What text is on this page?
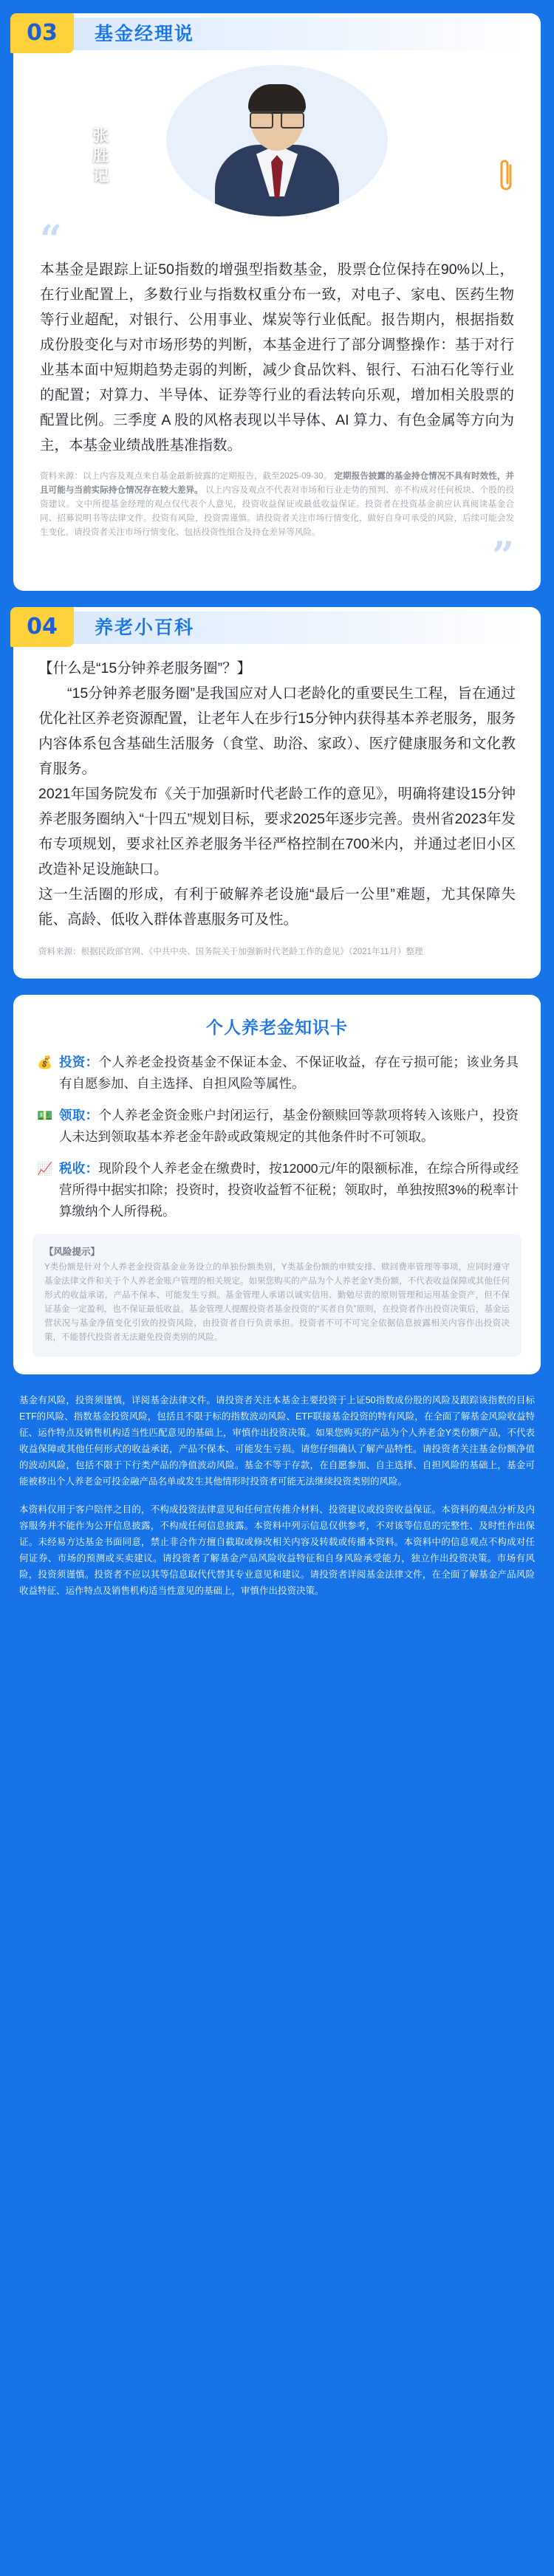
03	基金经理说
张
胜
记
“
本基金是跟踪上证50指数的增强型指数基金，股票仓位保持在90%以上，在行业配置上，多数行业与指数权重分布一致，对电子、家电、医药生物等行业超配，对银行、公用事业、煤炭等行业低配。报告期内，根据指数成份股变化与对市场形势的判断，本基金进行了部分调整操作：基于对行业基本面中短期趋势走弱的判断，减少食品饮料、银行、石油石化等行业的配置；对算力、半导体、证券等行业的看法转向乐观，增加相关股票的配置比例。三季度 A 股的风格表现以半导体、AI 算力、有色金属等方向为主，本基金业绩战胜基准指数。
资料来源：以上内容及观点来自基金最新披露的定期报告，截至2025-09-30。 定期报告披露的基金持仓情况不具有时效性，并且可能与当前实际持仓情况存在较大差异。 以上内容及观点不代表对市场和行业走势的预判、亦不构成对任何板块、个股的投资建议。文中所提基金经理的观点仅代表个人意见，投资收益保证或最低收益保证。投资者在投资基金前应认真阅读基金合同、招募说明书等法律文件。投资有风险，投资需谨慎。请投资者关注市场行情变化，做好自身可承受的风险，后续可能会发生变化。请投资者关注市场行情变化、包括投资性组合及持仓差异等风险。
”
04	养老小百科

【什么是“15分钟养老服务圈”？】

“15分钟养老服务圈”是我国应对人口老龄化的重要民生工程，旨在通过优化社区养老资源配置，让老年人在步行15分钟内获得基本养老服务，服务内容体系包含基础生活服务（食堂、助浴、家政）、医疗健康服务和文化教育服务。

2021年国务院发布《关于加强新时代老龄工作的意见》，明确将建设15分钟养老服务圈纳入“十四五”规划目标，要求2025年逐步完善。贵州省2023年发布专项规划，要求社区养老服务半径严格控制在700米内，并通过老旧小区改造补足设施缺口。

这一生活圈的形成，有利于破解养老设施“最后一公里”难题，尤其保障失能、高龄、低收入群体普惠服务可及性。

资料来源：根据民政部官网、《中共中央、国务院关于加强新时代老龄工作的意见》（2021年11月）整理
个人养老金知识卡
💰 投资：个人养老金投资基金不保证本金、不保证收益，存在亏损可能；该业务具有自愿参加、自主选择、自担风险等属性。
💵 领取：个人养老金资金账户封闭运行，基金份额赎回等款项将转入该账户，投资人未达到领取基本养老金年龄或政策规定的其他条件时不可领取。
📈 税收：现阶段个人养老金在缴费时，按12000元/年的限额标准，在综合所得或经营所得中据实扣除；投资时，投资收益暂不征税；领取时，单独按照3%的税率计算缴纳个人所得税。
【风险提示】
Y类份额是针对个人养老金投资基金业务设立的单独份额类别，Y类基金份额的申赎安排、赎回费率管理等事项，应同时遵守基金法律文件和关于个人养老金账户管理的相关规定。如果您购买的产品为个人养老金Y类份额，不代表收益保障或其他任何形式的收益承诺，产品不保本、可能发生亏损。基金管理人承诺以诚实信用、勤勉尽责的原则管理和运用基金资产，但不保证基金一定盈利，也不保证最低收益。基金管理人提醒投资者基金投资的“买者自负”原则，在投资者作出投资决策后，基金运营状况与基金净值变化引致的投资风险，由投资者自行负责承担。投资者不可不可完全依据信息披露相关内容作出投资决策，不能替代投资者无法避免投资类别的风险。

基金有风险，投资须谨慎，详阅基金法律文件。请投资者关注本基金主要投资于上证50指数成份股的风险及跟踪该指数的目标ETF的风险、指数基金投资风险，包括且不限于标的指数波动风险、ETF联接基金投资的特有风险，在全面了解基金风险收益特征、运作特点及销售机构适当性匹配意见的基础上，审慎作出投资决策。如果您购买的产品为个人养老金Y类份额产品，不代表收益保障或其他任何形式的收益承诺，产品不保本、可能发生亏损。请您仔细确认了解产品特性。请投资者关注基金份额净值的波动风险，包括不限于下行类产品的净值波动风险。基金不等于存款，在自愿参加、自主选择、自担风险的基础上，基金可能被移出个人养老金可投金融产品名单或发生其他情形时投资者可能无法继续投资类别的风险。

本资料仅用于客户陪伴之目的，不构成投资法律意见和任何宣传推介材料、投资建议或投资收益保证。本资料的观点分析及内容服务并不能作为公开信息披露，不构成任何信息披露。本资料中列示信息仅供参考，不对该等信息的完整性、及时性作出保证。未经易方达基金书面同意，禁止非合作方擅自截取或修改相关内容及转载或传播本资料。本资料中的信息观点不构成对任何证券、市场的预测或买卖建议。请投资者了解基金产品风险收益特征和自身风险承受能力，独立作出投资决策。市场有风险，投资须谨慎。投资者不应以其等信息取代代替其专业意见和建议。请投资者详阅基金法律文件，在全面了解基金产品风险收益特征、运作特点及销售机构适当性意见的基础上，审慎作出投资决策。
